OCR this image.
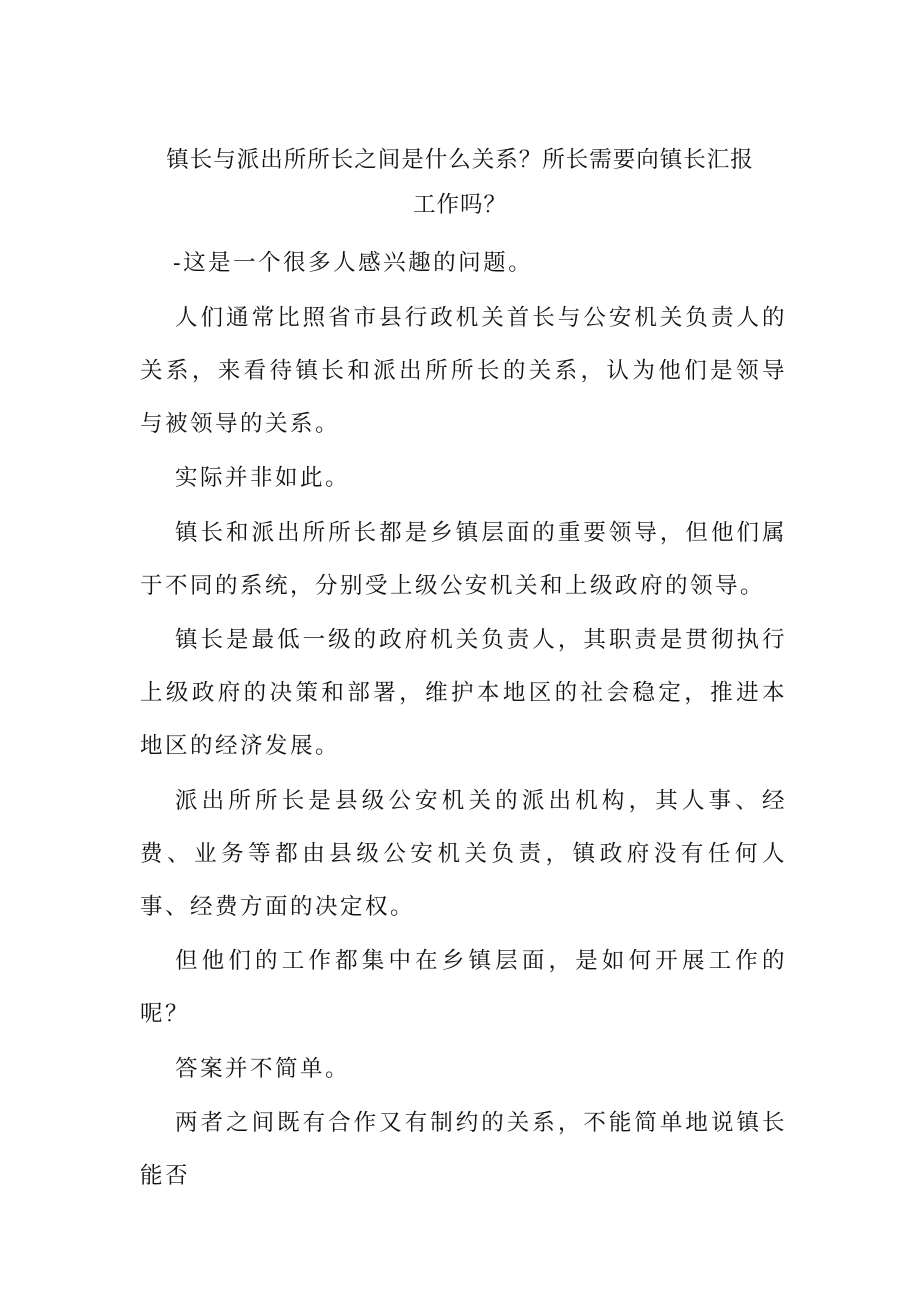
镇长与派出所所长之间是什么关系？所长需要向镇长汇报
工作吗？

-这是一个很多人感兴趣的问题。

人们通常比照省市县行政机关首长与公安机关负责人的关系，来看待镇长和派出所所长的关系，认为他们是领导与被领导的关系。

实际并非如此。

镇长和派出所所长都是乡镇层面的重要领导，但他们属于不同的系统，分别受上级公安机关和上级政府的领导。

镇长是最低一级的政府机关负责人，其职责是贯彻执行上级政府的决策和部署，维护本地区的社会稳定，推进本地区的经济发展。

派出所所长是县级公安机关的派出机构，其人事、经费、业务等都由县级公安机关负责，镇政府没有任何人事、经费方面的决定权。

但他们的工作都集中在乡镇层面，是如何开展工作的呢？

答案并不简单。

两者之间既有合作又有制约的关系，不能简单地说镇长能否
